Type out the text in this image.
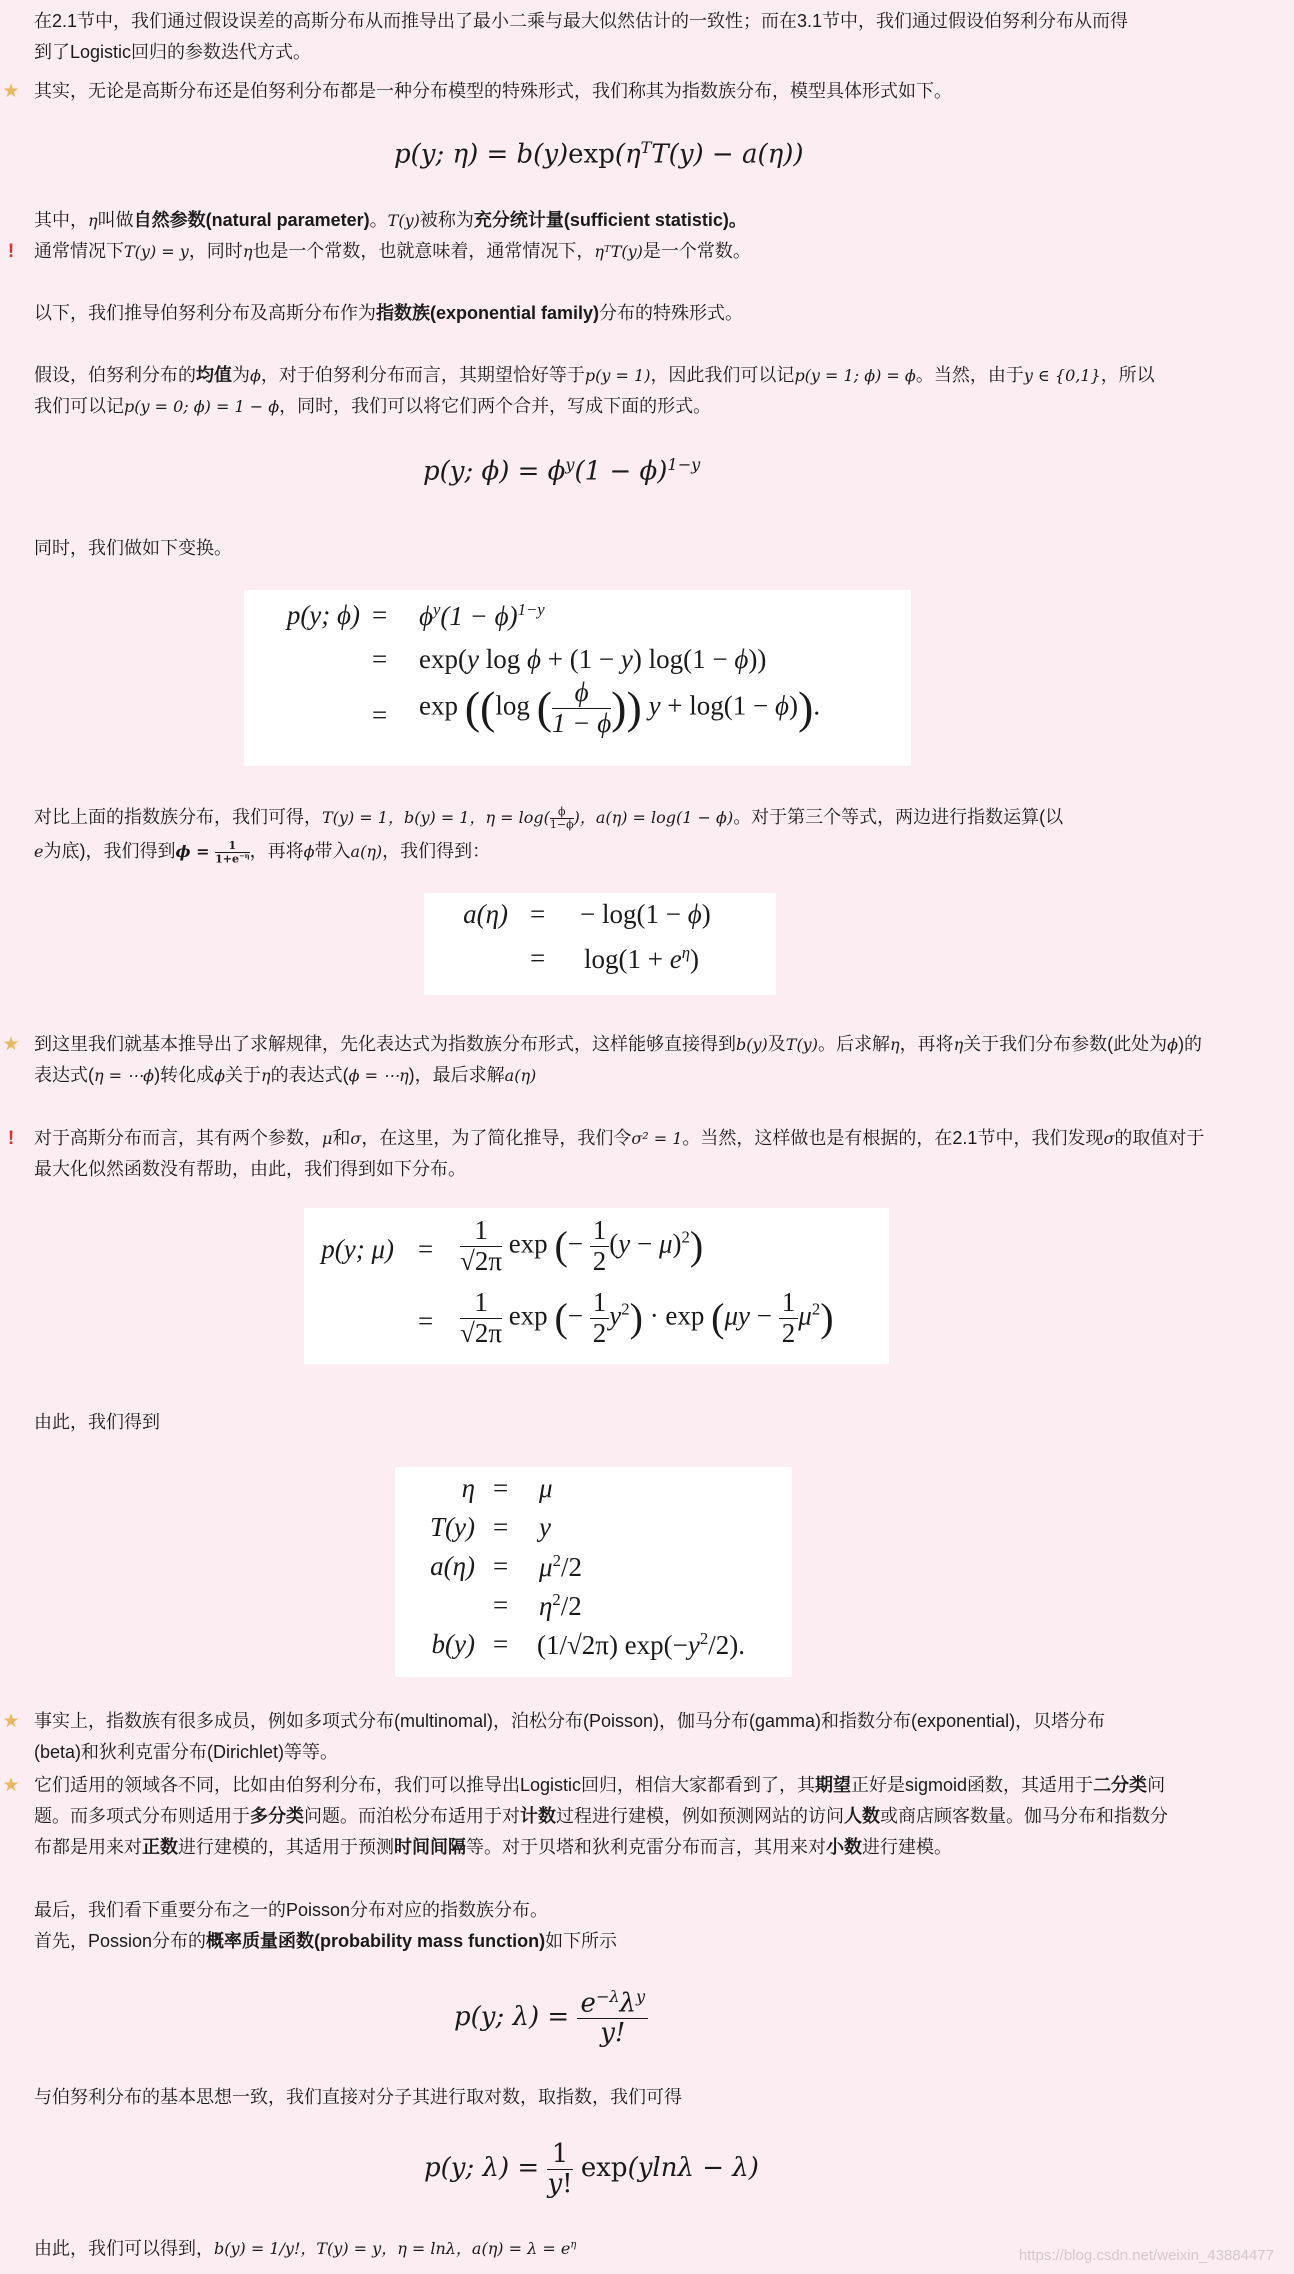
在2.1节中，我们通过假设误差的高斯分布从而推导出了最小二乘与最大似然估计的一致性；而在3.1节中，我们通过假设伯努利分布从而得
到了Logistic回归的参数迭代方式。
★ 其实，无论是高斯分布还是伯努利分布都是一种分布模型的特殊形式，我们称其为指数族分布，模型具体形式如下。
p(y; $\eta) = b(y)\exp(\eta^TT(y) - a(\eta))$
其中，η叫做自然参数(natural parameter)。T(y)被称为充分统计量(sufficient statistic)。
!	通常情况下T(y) = y，同时η也是一个常数，也就意味着，通常情况下，ηᵀT(y)是一个常数。
以下，我们推导伯努利分布及高斯分布作为指数族(exponential family)分布的特殊形式。
假设，伯努利分布的均值为ϕ，对于伯努利分布而言，其期望恰好等于p(y = 1)，因此我们可以记p(y = 1; ϕ) = ϕ。当然，由于y ∈ {0,1}，所以
我们可以记p(y = 0; ϕ) = 1 − ϕ，同时，我们可以将它们两个合并，写成下面的形式。
p(y; $\phi) = \phi^y(1 - \phi)^{1-y}$
同时，我们做如下变换。
p(y; $\phi) = \phi^y(1 - \phi)^{1-y}$
= exp(y log ϕ + (1 − y) log(1 − ϕ))
= exp ((log ( $\frac{\phi}{1 - \phi}$ )) y + log(1 − ϕ)).
对比上面的指数族分布，我们可得，T(y) = 1，b(y) = 1，$\eta = \log( \frac{\phi}{1-\phi}$ )，a(η) = log(1 − ϕ)。对于第三个等式，两边进行指数运算(以
e为底)，我们得到$\phi = \frac{1}{1+e^{-\eta}}$ ，再将ϕ带入a(η)，我们得到：
a(η) = − log(1 − ϕ)
= $\log(1 + e^\eta)$
★ 到这里我们就基本推导出了求解规律，先化表达式为指数族分布形式，这样能够直接得到b(y)及T(y)。后求解η，再将η关于我们分布参数(此处为ϕ)的
表达式(η = ⋯ϕ)转化成ϕ关于η的表达式(ϕ = ⋯η)，最后求解a(η)
!	对于高斯分布而言，其有两个参数，μ和σ，在这里，为了简化推导，我们令σ² = 1。当然，这样做也是有根据的，在2.1节中，我们发现σ的取值对于
最大化似然函数没有帮助，由此，我们得到如下分布。
p(y; $\mu) = \frac{1}{√2\pi}$ exp (− $\frac{1}{2} (y - \mu)^2$)
= $\frac{1}{√2\pi}$ exp (− $\frac{1}{2} y^2) \cdot \exp (\mu y - \frac{1}{2} \mu^2)$
由此，我们得到
η = μ
T(y) = y
$a(\eta) = \mu^2/2$
= $\eta^2/2$
b(y) = (1/√2π) $\exp(-y^2/2)$.
★ 事实上，指数族有很多成员，例如多项式分布(multinomal)，泊松分布(Poisson)，伽马分布(gamma)和指数分布(exponential)，贝塔分布
(beta)和狄利克雷分布(Dirichlet)等等。
★ 它们适用的领域各不同，比如由伯努利分布，我们可以推导出Logistic回归，相信大家都看到了，其期望正好是sigmoid函数，其适用于二分类问
题。而多项式分布则适用于多分类问题。而泊松分布适用于对计数过程进行建模，例如预测网站的访问人数或商店顾客数量。伽马分布和指数分
布都是用来对正数进行建模的，其适用于预测时间间隔等。对于贝塔和狄利克雷分布而言，其用来对小数进行建模。
最后，我们看下重要分布之一的Poisson分布对应的指数族分布。
首先，Possion分布的概率质量函数(probability mass function)如下所示
p(y; $\lambda) = \frac{e^{-\lambda}\lambda^y}{y!}$
与伯努利分布的基本思想一致，我们直接对分子其进行取对数，取指数，我们可得
p(y; $\lambda) = \frac{1}{y!} \exp(yln\lambda - \lambda)$
由此，我们可以得到，b(y) = 1/y!，T(y) = y，η = lnλ，$a(\eta) = \lambda = e^\eta$
https://blog.csdn.net/weixin_43884477
